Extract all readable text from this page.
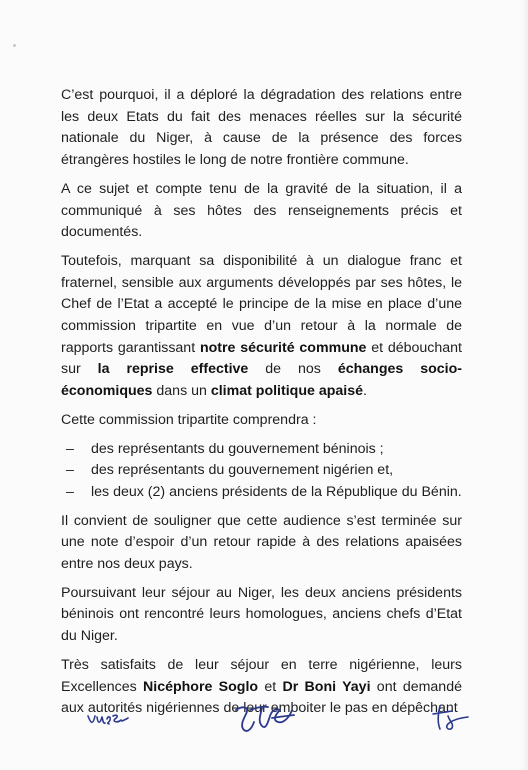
C’est pourquoi, il a déploré la dégradation des relations entre les deux Etats du fait des menaces réelles sur la sécurité nationale du Niger, à cause de la présence des forces étrangères hostiles le long de notre frontière commune.

A ce sujet et compte tenu de la gravité de la situation, il a communiqué à ses hôtes des renseignements précis et documentés.

Toutefois, marquant sa disponibilité à un dialogue franc et fraternel, sensible aux arguments développés par ses hôtes, le Chef de l’Etat a accepté le principe de la mise en place d’une commission tripartite en vue d’un retour à la normale de rapports garantissant notre sécurité commune et débouchant sur la reprise effective de nos échanges socio-économiques dans un climat politique apaisé.

Cette commission tripartite comprendra :

– des représentants du gouvernement béninois ;
– des représentants du gouvernement nigérien et,
– les deux (2) anciens présidents de la République du Bénin.

Il convient de souligner que cette audience s’est terminée sur une note d’espoir d’un retour rapide à des relations apaisées entre nos deux pays.

Poursuivant leur séjour au Niger, les deux anciens présidents béninois ont rencontré leurs homologues, anciens chefs d’Etat du Niger.

Très satisfaits de leur séjour en terre nigérienne, leurs Excellences Nicéphore Soglo et Dr Boni Yayi ont demandé aux autorités nigériennes de leur emboiter le pas en dépêchant
